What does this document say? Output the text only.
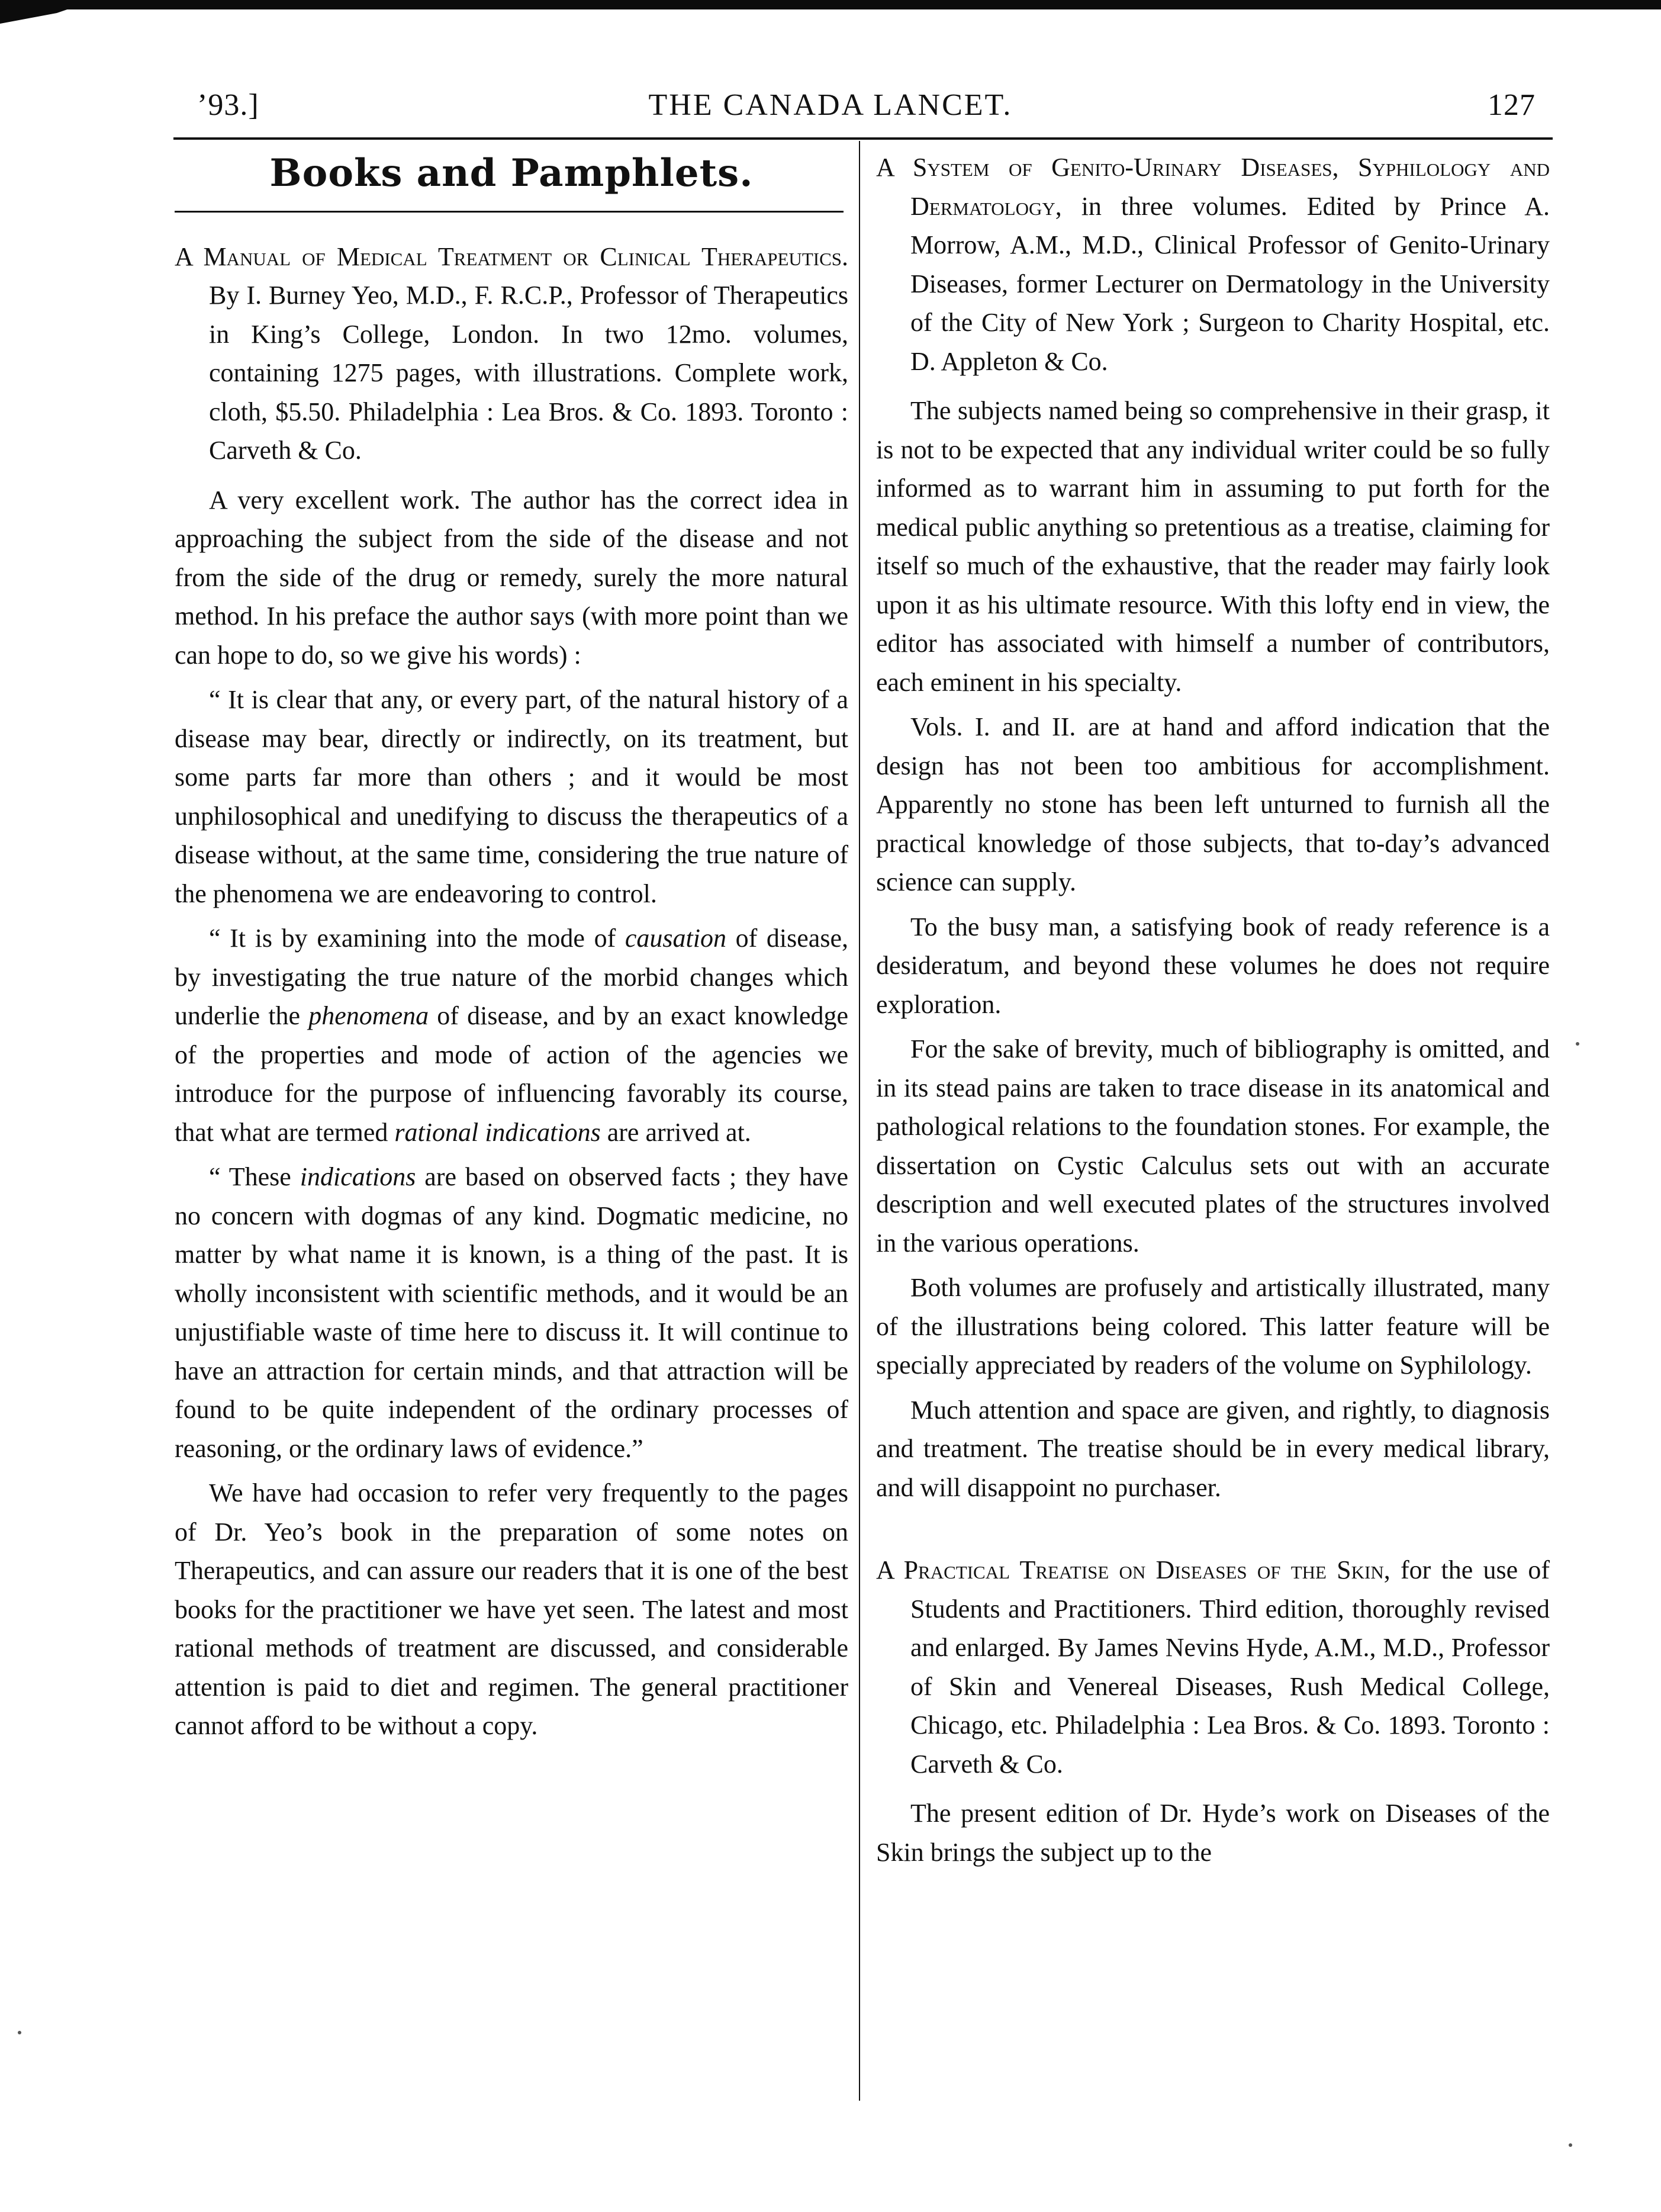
’93.]	THE CANADA LANCET.	127
Books and Pamphlets.
A Manual of Medical Treatment or Clinical Therapeutics. By I. Burney Yeo, M.D., F. R.C.P., Professor of Therapeutics in King’s College, London. In two 12mo. volumes, containing 1275 pages, with illustrations. Complete work, cloth, $5.50. Philadelphia : Lea Bros. & Co. 1893. Toronto : Carveth & Co.

A very excellent work. The author has the correct idea in approaching the subject from the side of the disease and not from the side of the drug or remedy, surely the more natural method. In his preface the author says (with more point than we can hope to do, so we give his words) :

“ It is clear that any, or every part, of the natural history of a disease may bear, directly or indirectly, on its treatment, but some parts far more than others ; and it would be most unphilosophical and unedifying to discuss the therapeutics of a disease without, at the same time, considering the true nature of the phenomena we are endeavoring to control.

“ It is by examining into the mode of causation of disease, by investigating the true nature of the morbid changes which underlie the phenomena of disease, and by an exact knowledge of the properties and mode of action of the agencies we introduce for the purpose of influencing favorably its course, that what are termed rational indications are arrived at.

“ These indications are based on observed facts ; they have no concern with dogmas of any kind. Dogmatic medicine, no matter by what name it is known, is a thing of the past. It is wholly inconsistent with scientific methods, and it would be an unjustifiable waste of time here to discuss it. It will continue to have an attraction for certain minds, and that attraction will be found to be quite independent of the ordinary processes of reasoning, or the ordinary laws of evidence.”

We have had occasion to refer very frequently to the pages of Dr. Yeo’s book in the preparation of some notes on Therapeutics, and can assure our readers that it is one of the best books for the practitioner we have yet seen. The latest and most rational methods of treatment are discussed, and considerable attention is paid to diet and regimen. The general practitioner cannot afford to be without a copy.

A System of Genito-Urinary Diseases, Syphilology and Dermatology, in three volumes. Edited by Prince A. Morrow, A.M., M.D., Clinical Professor of Genito-Urinary Diseases, former Lecturer on Dermatology in the University of the City of New York ; Surgeon to Charity Hospital, etc. D. Appleton & Co.

The subjects named being so comprehensive in their grasp, it is not to be expected that any individual writer could be so fully informed as to warrant him in assuming to put forth for the medical public anything so pretentious as a treatise, claiming for itself so much of the exhaustive, that the reader may fairly look upon it as his ultimate resource. With this lofty end in view, the editor has associated with himself a number of contributors, each eminent in his specialty.

Vols. I. and II. are at hand and afford indication that the design has not been too ambitious for accomplishment. Apparently no stone has been left unturned to furnish all the practical knowledge of those subjects, that to-day’s advanced science can supply.

To the busy man, a satisfying book of ready reference is a desideratum, and beyond these volumes he does not require exploration.

For the sake of brevity, much of bibliography is omitted, and in its stead pains are taken to trace disease in its anatomical and pathological relations to the foundation stones. For example, the dissertation on Cystic Calculus sets out with an accurate description and well executed plates of the structures involved in the various operations.

Both volumes are profusely and artistically illustrated, many of the illustrations being colored. This latter feature will be specially appreciated by readers of the volume on Syphilology.

Much attention and space are given, and rightly, to diagnosis and treatment. The treatise should be in every medical library, and will disappoint no purchaser.

A Practical Treatise on Diseases of the Skin, for the use of Students and Practitioners. Third edition, thoroughly revised and enlarged. By James Nevins Hyde, A.M., M.D., Professor of Skin and Venereal Diseases, Rush Medical College, Chicago, etc. Philadelphia : Lea Bros. & Co. 1893. Toronto : Carveth & Co.

The present edition of Dr. Hyde’s work on Diseases of the Skin brings the subject up to the
